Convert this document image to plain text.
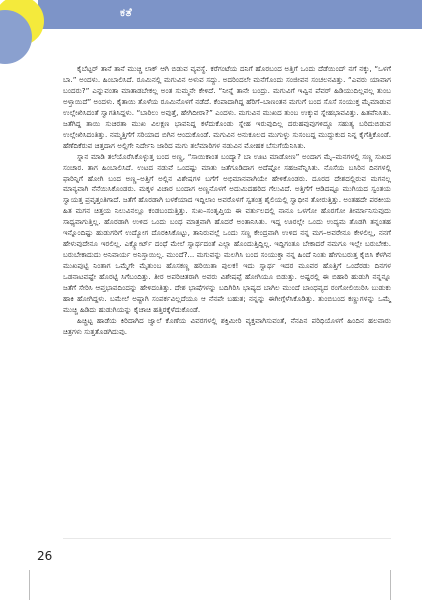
ಕತೆ

ಕೈಬೆಟ್ಟರ್ ತಾನೆ ತಾನೆ ಮುಚ್ಚಿ ಲಾಕ್ ಆಗಿ ಬಿಡುವ ವ್ಯವಸ್ಥೆ. ಕರೆಗಂಟೆಯ ದನಿಗೆ ಹೊರಬಂದ ಅತ್ತಿಗೆ ಒಂದು ದೆಡೆಯಿಂದ್ ನಗೆ ನಕ್ಕು, “ಒಳಗೆ ಬಾ.” ಅಂದಳು. ಹಿಂಬಾಲಿಸಿದೆ. ರೂಮಿನಲ್ಲಿ ಮಗುವಿನ ಅಳುವ ಸದ್ದು. ಅದರಿಂದಲೇ ಮನೆಗೊಂದು ಸಂಜೀವನ ಸಂಚಲನವಿತ್ತು. “ಎವರು ಯಾವಾಗ ಬಂದರು?” ಎನ್ನುವಂತಾ ಮಾತಾಡಬೇಕಲ್ಲ ಅಂತ ಸುಮ್ಮನೇ ಕೇಳಿದೆ. “ನೀನ್ನೆ ತಾನೇ ಬಂದ್ರು. ಮಗುವಿಗೆ ಇವ್ವಿನ ಪೆವರ್ ಹಿಡಿಯುದಿಲ್ಲವಲ್ಲ ತುಂಬ ಅಳ್ತಾಯಿದೆ” ಅಂದಳು. ಕೈತಾಯಿ ತೊಳೆಯ ರೂಮಿನೊಳಗೆ ನಡೆದೆ. ಕೆಂಪಾದಾಗಿದ್ದ ಹೆರಿಗೆ–ಬಾಣಂತನ ಮಗುಗೆ ಬಂದ ಸೊಸೆ ಸಂಯುಕ್ತ ಮೈಮಾಡುವ ಉಲ್ಲೇಖಿಸಿದಂತೆ ಸ್ವಾಗತಿಸಿದ್ದಳು. “ಬಾರಿಲು ಅವುತ್ತೆ, ಹೇಗಿದೀರಾ?” ಎಂದಳು. ಮಗುವಿನ ಮುಖದ ತುಂಬ ಉಕ್ಕುವ ಸ್ನೇಹಭಾವವಿತ್ತು. ಹಿತವೆನಿಸಿತು. ಜತೆಗಿದ್ದ ತಾಯಿ ಸುಚಿರತಾ ಮುಖ ವಿಲಕ್ಷಣ ಭಾವನಿದ್ದ ಕಳೆದುಕೊಂಡು ಸ್ನೇಹ ಇರುವುದಿಲ್ಲ ದರುಹವುವುಗಳಿದ್ದೂ ಸಹುತ್ಯ ಬರಿದುಬಿಡುವ ಉಲ್ಲೇಖಿಸಿದಂತಿತ್ತು. ನಮ್ಮತ್ತಿಗೆಗೆ ಸರಿಯಾದ ಬಿಗಿನ ಆಂದುಕೊಂಡೆ. ಮಗುವಿನ ಅನುಕೂಲದ ಮುಗುಳ್ಳು ಸುಸಂಬದ್ದ ಮುದ್ದುಕುದ ನಿನ್ನ ಕೈಗೆತ್ತಿಕೊಂಡೆ. ಹೆಣೆದಿಕೆರುವ ಚಿತ್ತದಾಗ ಅಲ್ಲಿಗೇ ನಿರ್ದೇನಿ ಜಾರಿದ ಮಗು ತಲೆಮಾರಿಗಳ ನಡುವಿನ ಮೋಹಕ ಬೆಸುಗೆಯೆನಿಸಿತು.

ಸ್ನಾನ ಮಾಡಿ ತಲೆಯೊರೆಸಿಕೊಳ್ಳುತ್ತ ಬಂದ ಅಣ್ಣ, “ಸಾಯಿಕಾಂತ ಬಂದ್ಯಾ? ಬಾ ಊಟ ಮಾಡೋಣ” ಅಂದಾಗ ಮೈ–ಮನಗಳಲ್ಲಿ ಸಣ್ಣ ಸುಖದ ಸಂಚಾರ. ತಾಗ ಹಿಂಬಾಲಿಸಿದೆ. ಉಟದ ನಡುವೆ ಒಂದಷ್ಟು ಮಾತು ಜತೆಗೂಡಿದಾಗ ಅದೆಷ್ಟೋ ಸಹಜವೆನ್ನಿಸಿತು. ನೊಸೆಯ ಬಸಿರಿನ ದಿನಗಳಲ್ಲಿ ಫಾರಿನ್ನಿಗೆ ಹೋಗಿ ಬಂದ ಅಣ್ಣ–ಅತ್ತಿಗೆ ಅಲ್ಲಿನ ವಿಶೇಷಗಳ ಬಗೆಗೆ ಅಭಿಮಾನವಾಗಿಯೇ ಹೇಳಿಕೊಂಡರು. ದೂರದ ದೇಶದಲ್ಲಿರುವ ಮಗನಲ್ಲ ಮಾನ್ಯವಾಗಿ ನೆನೆಯಿಸಿಕೊಂಡರು. ಮಕ್ಕಳ ವಿಚಾರ ಬಂದಾಗ ಅಣ್ಣನೊಳಗೆ ಅದುಮಿದಹರಿದ ಗೆಲುವಿದೆ. ಅತ್ತಿಗೆಗೆ ಆಡಿದಷ್ಟೂ ಮುಗಿಯದ ಸ್ವಂತಯ ಸ್ವಾಯತ್ತ ಪ್ರವೃತ್ತಂತಿಗಾದೆ. ಜತೆಗೆ ಹೊರಡಾಗಿ ಬಳಕೆಯಾದ ಇದ್ದಿಲಾಂ ಅವರೊಳಗೆ ಸ್ವತಂತ್ರ ಶೈಲಿಯಲ್ಲಿ ಸ್ವಾಧೀನ ತೋರುತ್ತಿತ್ತು. ಅಂತಹದೇ ಪರಕೀಯ ಹಿತ ಮಗನ ಚಿತ್ತಯ ನಿಲುವಿನಲ್ಲೂ ಕಂಡಬಂದುತ್ತಿತ್ತು. ಸುಖ–ಸಂತೃಪ್ತಿಯ ಈ ವರ್ತುಲದಲ್ಲಿ ನಾನೂ ಒಳಗೋ ಹೊರಗೋ ತೀರ್ಮಾನಿಸುವುದು ಸಾಧ್ಯವಾಗುತ್ತಿಲ್ಲ. ಹೊರಡಾಗಿ ಉಳಿದ ಒಂದು ಬಂಧ ಮಾತ್ರವಾಗಿ ಹೊದರೆ ಅಂತಾನಿಸಿತು. ಇದ್ದ ಊರಲ್ಲೇ ಒಂದು ಉದ್ಯಮ ತೊಡಗಿ ತನ್ನಂತಹ ಇನ್ನೊಂದಿಷ್ಟು ಹುಡುಗರಿಗೆ ಉದ್ಯೋಗ ದೊರಕಿಸಿಕೊಟ್ಟು, ತಾನಿರುವಲ್ಲೆ ಒಂದು ಸಣ್ಣ ಕೇಂದ್ರವಾಗಿ ಉಳಿದ ನನ್ನ ಮಗ–ಅವರೇನೂ ಕೇಳಲಿಲ್ಲ, ನನಗೆ ಹೇಳುವುದೇನೂ ಇರಲಿಲ್ಲ. ಎಕ್ಸ್ಪೋರ್ಟ್ ದಂಧೆ ಮೇಲೆ ಸ್ವಾರ್ಥದಂತೆ ಎಲ್ಲಾ ಹೊಂದುತ್ತಿದ್ದಿಲ್ಲ. ಇದ್ದಿಗಂತೂ ಬೇಕಾದರೆ ನಮಗೂ ಇಲ್ಲೇ ಬರುಬೇಕು. ಬರುಬೇಕಾದುದು ಅನಿವಾರ್ಯ ಅನಿಸ್ತಾಯಿಲ್ಲ. ಮುಂದೆ?... ಮಗುವನ್ನು ಮಲಗಿಸಿ ಬಂದ ಸಂಯುಕ್ತಾ ನನ್ನ ಹಿಂದೆ ನಿಂತು ಹೇಗುಬರುತ್ತ ಕೈಬಿಸಿ ಕೆಳಗಿನ ಮುಖಪುಟ್ಟಿ ನಿಂತಾಗ ಒಮ್ಮೆಗೇ ಮೈತುಂಬ ಹೊಸಕಣ್ಣ ಹರಿಯಿತಾ ಪುಲಕ! ಇದು ಸ್ವಾರ್ಥ ಇದರ ಮೂವರ ಹೊತ್ತಿಗೆ ಒಂದೆರಡು ದಿನಗಳ ಒಡನಾಟವಷ್ಟೇ ಹೊರಟ್ಟಿ ಸಿಗೆಬಂದಿತ್ತು. ತೀರ ಅಪರಿಚಿತರಾಗಿ ಅವರು ವಿಶೇಷಪ್ಪೆ ಹೋಗಿಯೂ ಬಿಡುತ್ತು. ಅಷ್ಟರಲ್ಲಿ ಈ ಬಿಹಾರಿ ಹುಡುಗಿ ನನ್ನನ್ನೂ ಜತೆಗೆ ಸೇರಿಸಿ ಆಪ್ತಭಾವದಿಂದನ್ನು ಹೇಳಿದಂತಿತ್ತು. ದೇಶ ಭಾಷೆಗಳನ್ನು ಬದಿಗಿರಿಸಿ ಭಾಷ್ಯದ ಬಾಗಿಲ ಮುಂದೆ ಬಾಂಧವ್ಯದ ರಂಗೋಲಿಯಿರಿಸಿ ಬುಡುಕು ಹಾಕಿ ಹೋಗಿದ್ದಳು. ಬಮೇಲೆ ಅಷ್ಟಾಗಿ ಸಂಪರ್ಕವಿಲ್ಲದೆಯೂ ಆ ನೆನಪೇ ಬಹುತ; ನನ್ನನ್ನು ಈಗೀಗ್ಗೆಳೆಸಿಕೊಡಿತ್ತು. ತುಂಬಿಬಂದ ಕಣ್ಣುಗಳನ್ನು ಒಮ್ಮೆ ಮುಚ್ಚಿ ಹಿಡಿದು ಹುಡುಗಿಯನ್ನು ಕೈಚಾಚಿ ಹತ್ತಿರಕ್ಕೆಳೆದುಕೊಂಡೆ.

ಹಿಚ್ಚಿಟ್ಟ ಹಾಡೆಯ ಕಿರಿದಾಗಿದ ಜ್ವಾಲೆ ಕೊಣೆಯ ವಿವರಗಳಲ್ಲಿ ಶಕ್ತಿಮೀರಿ ವ್ಯಕ್ತವಾಗಿಸುವಂತೆ, ನೆನಪಿನ ಪರಿಧಿಯೊಳಗೆ ಹಿಂದಿನ ಹಲವಾರು ಚಿತ್ರಗಳು ಸುತ್ತತೊಡಗಿದುವು.

26
